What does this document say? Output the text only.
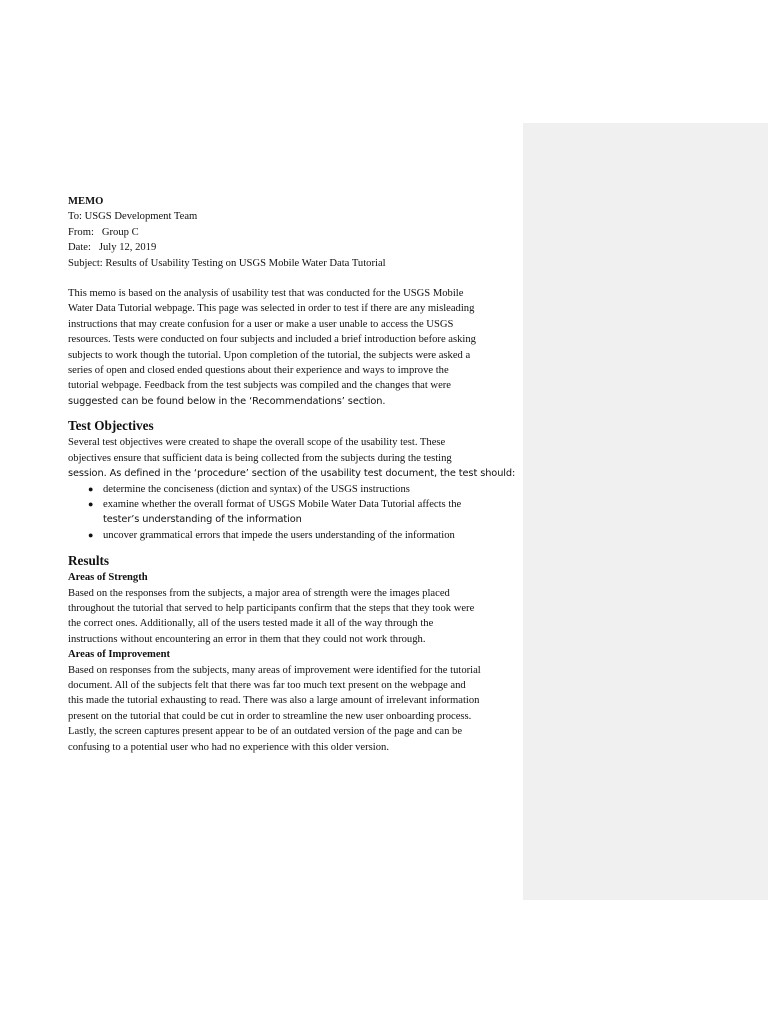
MEMO

To: USGS Development Team

From:   Group C

Date:   July 12, 2019

Subject: Results of Usability Testing on USGS Mobile Water Data Tutorial

This memo is based on the analysis of usability test that was conducted for the USGS Mobile

Water Data Tutorial webpage. This page was selected in order to test if there are any misleading

instructions that may create confusion for a user or make a user unable to access the USGS

resources. Tests were conducted on four subjects and included a brief introduction before asking

subjects to work though the tutorial. Upon completion of the tutorial, the subjects were asked a

series of open and closed ended questions about their experience and ways to improve the

tutorial webpage. Feedback from the test subjects was compiled and the changes that were

suggested can be found below in the ‘Recommendations’ section.

Test Objectives

Several test objectives were created to shape the overall scope of the usability test. These

objectives ensure that sufficient data is being collected from the subjects during the testing

session. As defined in the ‘procedure’ section of the usability test document, the test should:

● determine the conciseness (diction and syntax) of the USGS instructions
● examine whether the overall format of USGS Mobile Water Data Tutorial affects the
tester’s understanding of the information
● uncover grammatical errors that impede the users understanding of the information

Results

Areas of Strength

Based on the responses from the subjects, a major area of strength were the images placed

throughout the tutorial that served to help participants confirm that the steps that they took were

the correct ones. Additionally, all of the users tested made it all of the way through the

instructions without encountering an error in them that they could not work through.

Areas of Improvement

Based on responses from the subjects, many areas of improvement were identified for the tutorial

document. All of the subjects felt that there was far too much text present on the webpage and

this made the tutorial exhausting to read. There was also a large amount of irrelevant information

present on the tutorial that could be cut in order to streamline the new user onboarding process.

Lastly, the screen captures present appear to be of an outdated version of the page and can be

confusing to a potential user who had no experience with this older version.
